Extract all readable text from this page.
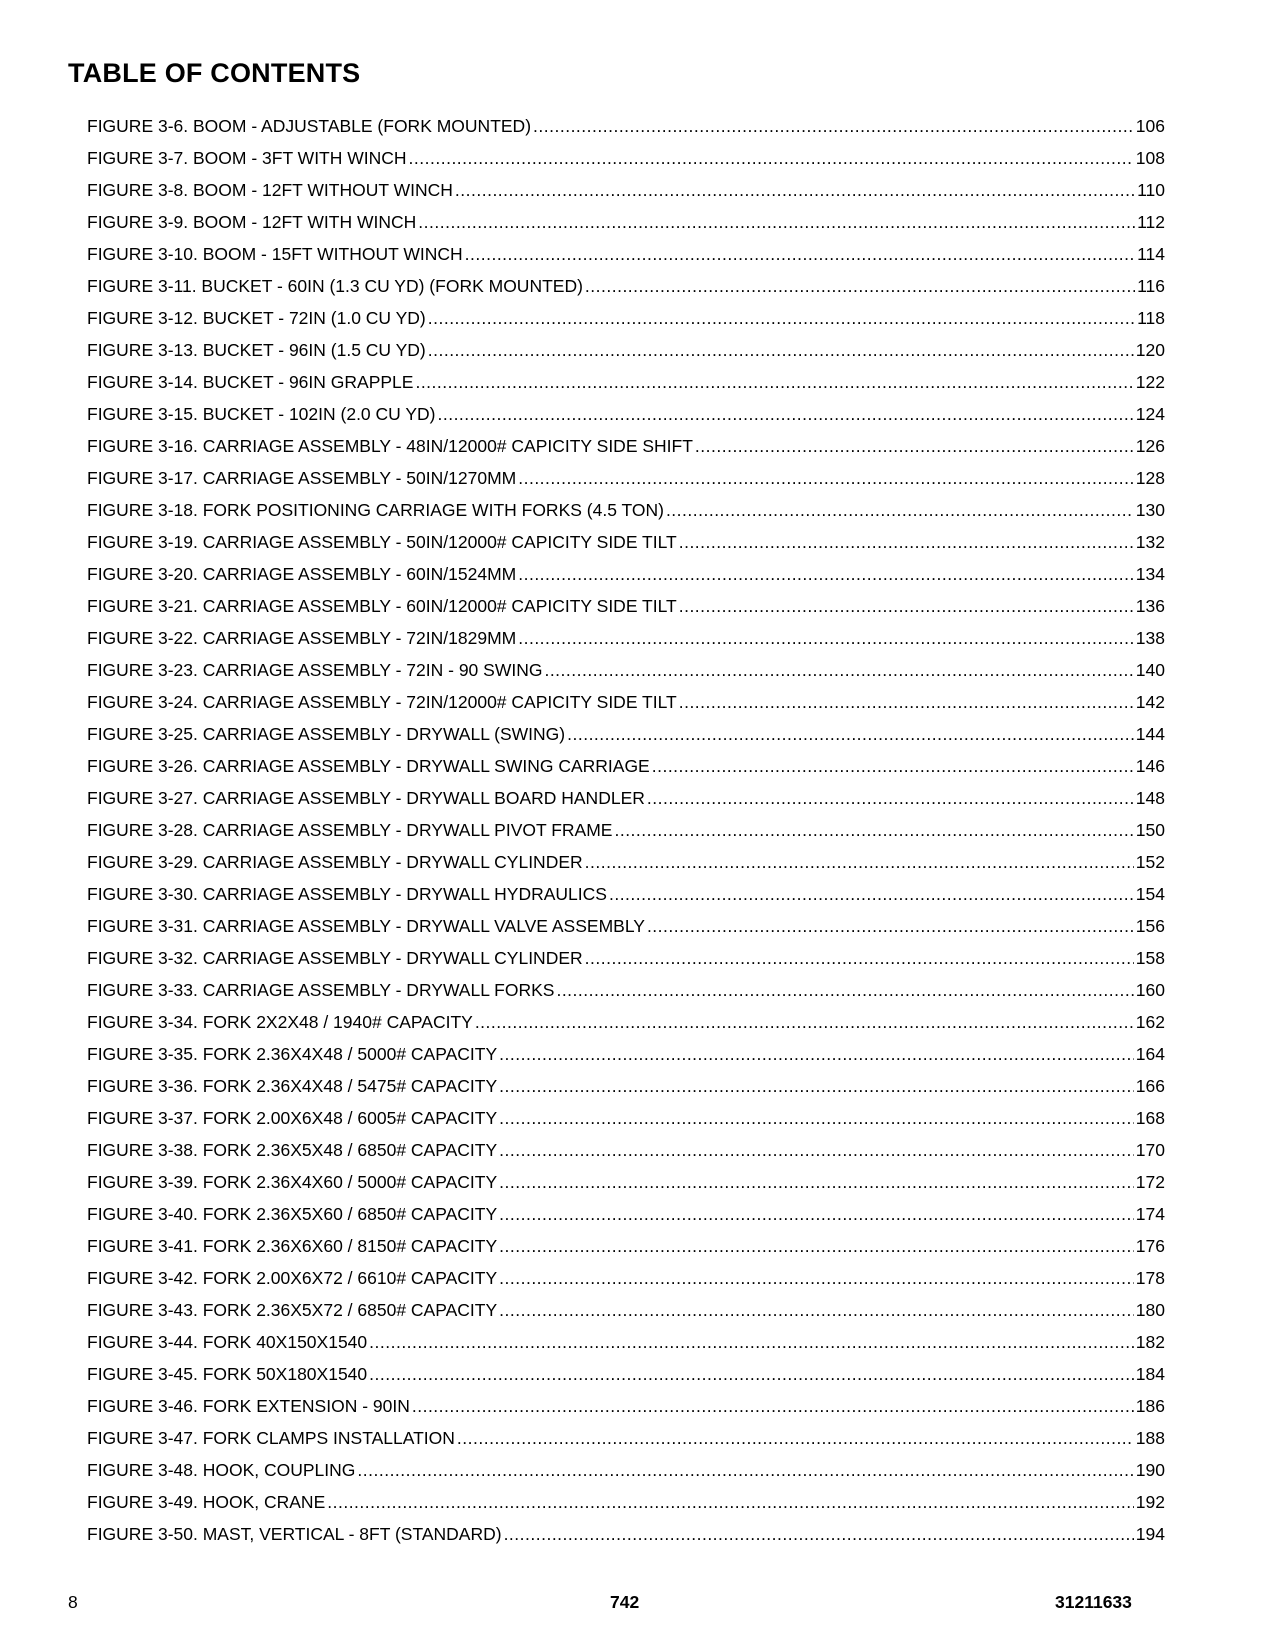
TABLE OF CONTENTS
FIGURE 3-6. BOOM - ADJUSTABLE (FORK MOUNTED) .....	106
FIGURE 3-7. BOOM - 3FT WITH WINCH .....	108
FIGURE 3-8. BOOM - 12FT WITHOUT WINCH .....	110
FIGURE 3-9. BOOM - 12FT WITH WINCH .....	112
FIGURE 3-10. BOOM - 15FT WITHOUT WINCH .....	114
FIGURE 3-11. BUCKET - 60IN (1.3 CU YD) (FORK MOUNTED) .....	116
FIGURE 3-12. BUCKET - 72IN (1.0 CU YD) .....	118
FIGURE 3-13. BUCKET - 96IN (1.5 CU YD) .....	120
FIGURE 3-14. BUCKET - 96IN GRAPPLE .....	122
FIGURE 3-15. BUCKET - 102IN (2.0 CU YD) .....	124
FIGURE 3-16. CARRIAGE ASSEMBLY - 48IN/12000# CAPICITY SIDE SHIFT .....	126
FIGURE 3-17. CARRIAGE ASSEMBLY - 50IN/1270MM .....	128
FIGURE 3-18. FORK POSITIONING CARRIAGE WITH FORKS (4.5 TON) .....	130
FIGURE 3-19. CARRIAGE ASSEMBLY - 50IN/12000# CAPICITY SIDE TILT .....	132
FIGURE 3-20. CARRIAGE ASSEMBLY - 60IN/1524MM .....	134
FIGURE 3-21. CARRIAGE ASSEMBLY - 60IN/12000# CAPICITY SIDE TILT .....	136
FIGURE 3-22. CARRIAGE ASSEMBLY - 72IN/1829MM .....	138
FIGURE 3-23. CARRIAGE ASSEMBLY - 72IN - 90 SWING .....	140
FIGURE 3-24. CARRIAGE ASSEMBLY - 72IN/12000# CAPICITY SIDE TILT .....	142
FIGURE 3-25. CARRIAGE ASSEMBLY - DRYWALL (SWING) .....	144
FIGURE 3-26. CARRIAGE ASSEMBLY - DRYWALL SWING CARRIAGE .....	146
FIGURE 3-27. CARRIAGE ASSEMBLY - DRYWALL BOARD HANDLER .....	148
FIGURE 3-28. CARRIAGE ASSEMBLY - DRYWALL PIVOT FRAME .....	150
FIGURE 3-29. CARRIAGE ASSEMBLY - DRYWALL CYLINDER .....	152
FIGURE 3-30. CARRIAGE ASSEMBLY - DRYWALL HYDRAULICS .....	154
FIGURE 3-31. CARRIAGE ASSEMBLY - DRYWALL VALVE ASSEMBLY .....	156
FIGURE 3-32. CARRIAGE ASSEMBLY - DRYWALL CYLINDER .....	158
FIGURE 3-33. CARRIAGE ASSEMBLY - DRYWALL FORKS .....	160
FIGURE 3-34. FORK 2X2X48 / 1940# CAPACITY .....	162
FIGURE 3-35. FORK 2.36X4X48 / 5000# CAPACITY .....	164
FIGURE 3-36. FORK 2.36X4X48 / 5475# CAPACITY .....	166
FIGURE 3-37. FORK 2.00X6X48 / 6005# CAPACITY .....	168
FIGURE 3-38. FORK 2.36X5X48 / 6850# CAPACITY .....	170
FIGURE 3-39. FORK 2.36X4X60 / 5000# CAPACITY .....	172
FIGURE 3-40. FORK 2.36X5X60 / 6850# CAPACITY .....	174
FIGURE 3-41. FORK 2.36X6X60 / 8150# CAPACITY .....	176
FIGURE 3-42. FORK 2.00X6X72 / 6610# CAPACITY .....	178
FIGURE 3-43. FORK 2.36X5X72 / 6850# CAPACITY .....	180
FIGURE 3-44. FORK 40X150X1540 .....	182
FIGURE 3-45. FORK 50X180X1540 .....	184
FIGURE 3-46. FORK EXTENSION - 90IN .....	186
FIGURE 3-47. FORK CLAMPS INSTALLATION .....	188
FIGURE 3-48. HOOK, COUPLING .....	190
FIGURE 3-49. HOOK, CRANE .....	192
FIGURE 3-50. MAST, VERTICAL - 8FT (STANDARD) .....	194
8	742	31211633
